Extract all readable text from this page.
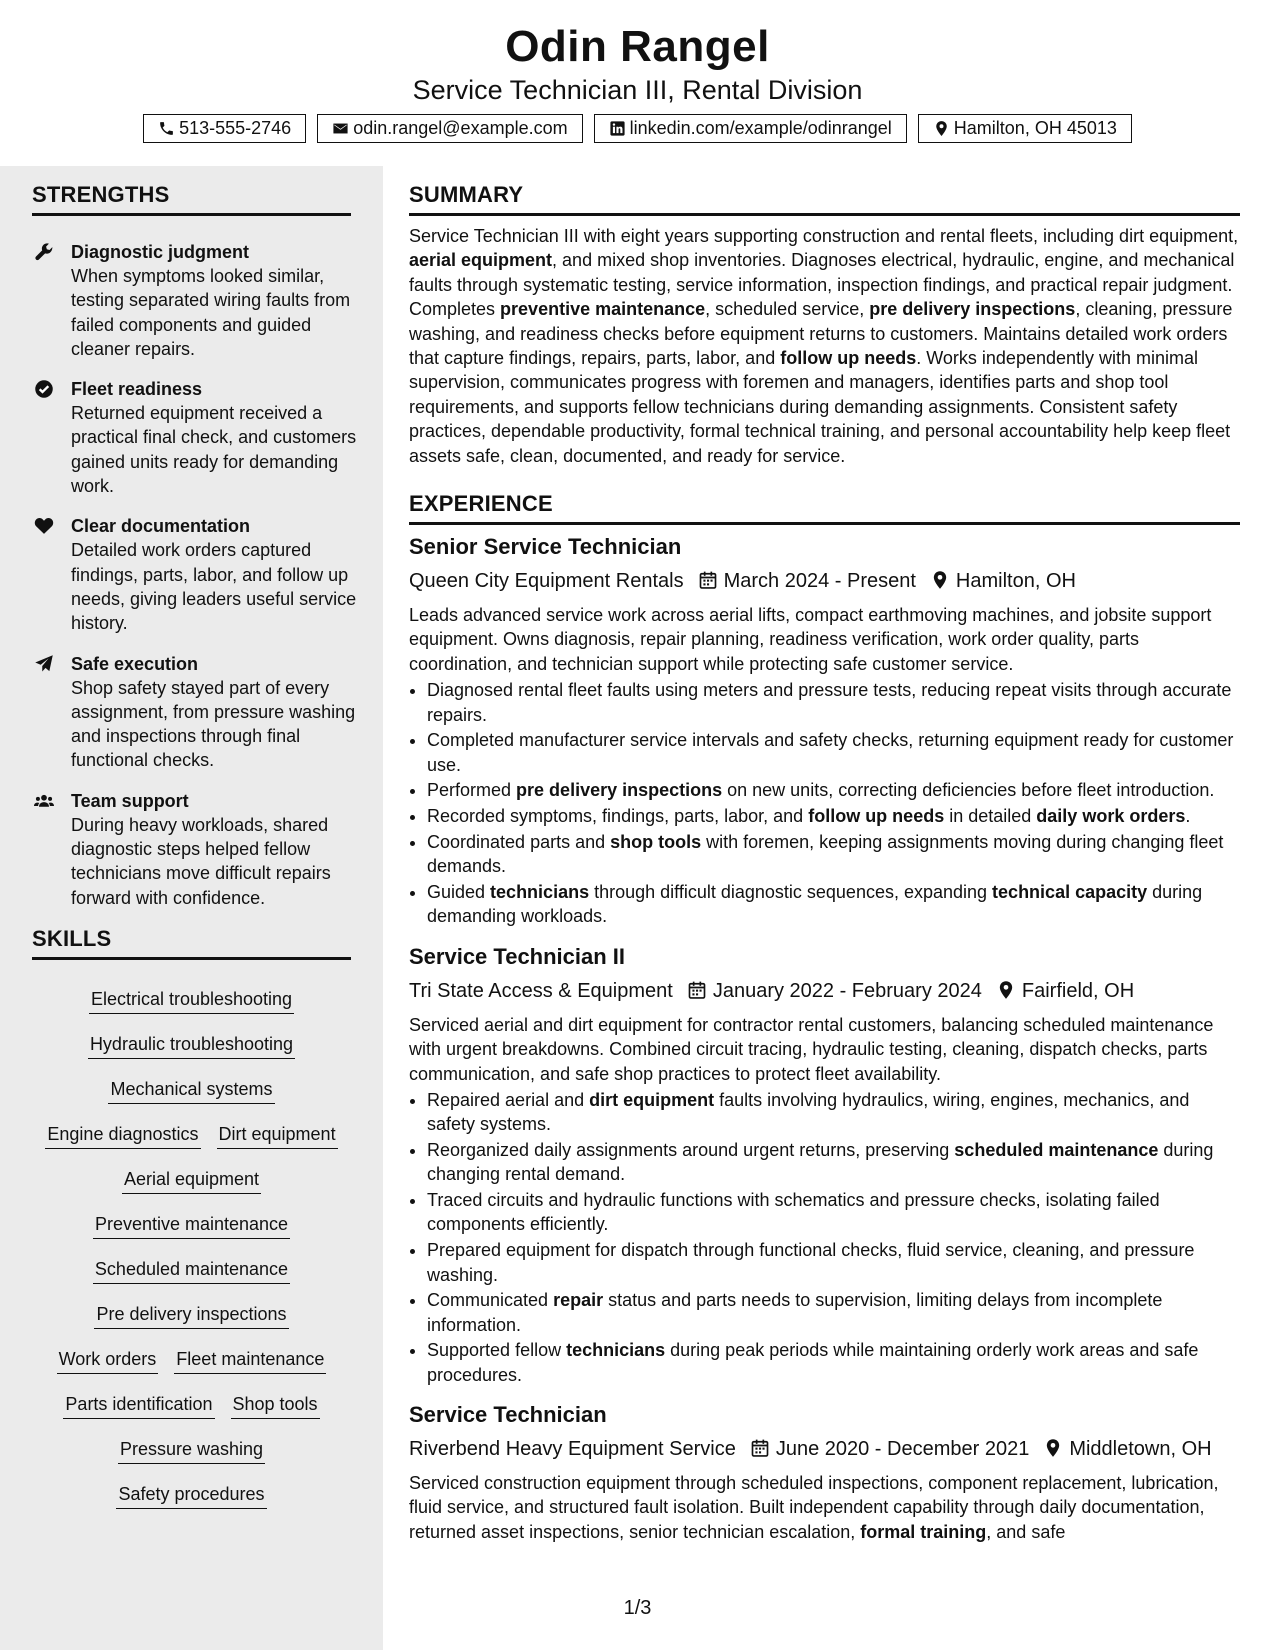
Odin Rangel
Service Technician III, Rental Division
513-555-2746	odin.rangel@example.com	linkedin.com/example/odinrangel	Hamilton, OH 45013
STRENGTHS
Diagnostic judgment
When symptoms looked similar, testing separated wiring faults from failed components and guided cleaner repairs.
Fleet readiness
Returned equipment received a practical final check, and customers gained units ready for demanding work.
Clear documentation
Detailed work orders captured findings, parts, labor, and follow up needs, giving leaders useful service history.
Safe execution
Shop safety stayed part of every assignment, from pressure washing and inspections through final functional checks.
Team support
During heavy workloads, shared diagnostic steps helped fellow technicians move difficult repairs forward with confidence.
SKILLS
Electrical troubleshooting
Hydraulic troubleshooting
Mechanical systems
Engine diagnostics Dirt equipment
Aerial equipment
Preventive maintenance
Scheduled maintenance
Pre delivery inspections
Work orders Fleet maintenance
Parts identification Shop tools
Pressure washing
Safety procedures
SUMMARY

Service Technician III with eight years supporting construction and rental fleets, including dirt equipment, aerial equipment, and mixed shop inventories. Diagnoses electrical, hydraulic, engine, and mechanical faults through systematic testing, service information, inspection findings, and practical repair judgment. Completes preventive maintenance, scheduled service, pre delivery inspections, cleaning, pressure washing, and readiness checks before equipment returns to customers. Maintains detailed work orders that capture findings, repairs, parts, labor, and follow up needs. Works independently with minimal supervision, communicates progress with foremen and managers, identifies parts and shop tool requirements, and supports fellow technicians during demanding assignments. Consistent safety practices, dependable productivity, formal technical training, and personal accountability help keep fleet assets safe, clean, documented, and ready for service.

EXPERIENCE
Senior Service Technician
Queen City Equipment Rentals March 2024 - Present Hamilton, OH

Leads advanced service work across aerial lifts, compact earthmoving machines, and jobsite support equipment. Owns diagnosis, repair planning, readiness verification, work order quality, parts coordination, and technician support while protecting safe customer service.

• Diagnosed rental fleet faults using meters and pressure tests, reducing repeat visits through accurate repairs.
• Completed manufacturer service intervals and safety checks, returning equipment ready for customer use.
• Performed pre delivery inspections on new units, correcting deficiencies before fleet introduction.
• Recorded symptoms, findings, parts, labor, and follow up needs in detailed daily work orders.
• Coordinated parts and shop tools with foremen, keeping assignments moving during changing fleet demands.
• Guided technicians through difficult diagnostic sequences, expanding technical capacity during demanding workloads.
Service Technician II
Tri State Access & Equipment January 2022 - February 2024 Fairfield, OH

Serviced aerial and dirt equipment for contractor rental customers, balancing scheduled maintenance with urgent breakdowns. Combined circuit tracing, hydraulic testing, cleaning, dispatch checks, parts communication, and safe shop practices to protect fleet availability.

• Repaired aerial and dirt equipment faults involving hydraulics, wiring, engines, mechanics, and safety systems.
• Reorganized daily assignments around urgent returns, preserving scheduled maintenance during changing rental demand.
• Traced circuits and hydraulic functions with schematics and pressure checks, isolating failed components efficiently.
• Prepared equipment for dispatch through functional checks, fluid service, cleaning, and pressure washing.
• Communicated repair status and parts needs to supervision, limiting delays from incomplete information.
• Supported fellow technicians during peak periods while maintaining orderly work areas and safe procedures.
Service Technician
Riverbend Heavy Equipment Service June 2020 - December 2021 Middletown, OH

Serviced construction equipment through scheduled inspections, component replacement, lubrication, fluid service, and structured fault isolation. Built independent capability through daily documentation, returned asset inspections, senior technician escalation, formal training, and safe

1/3
